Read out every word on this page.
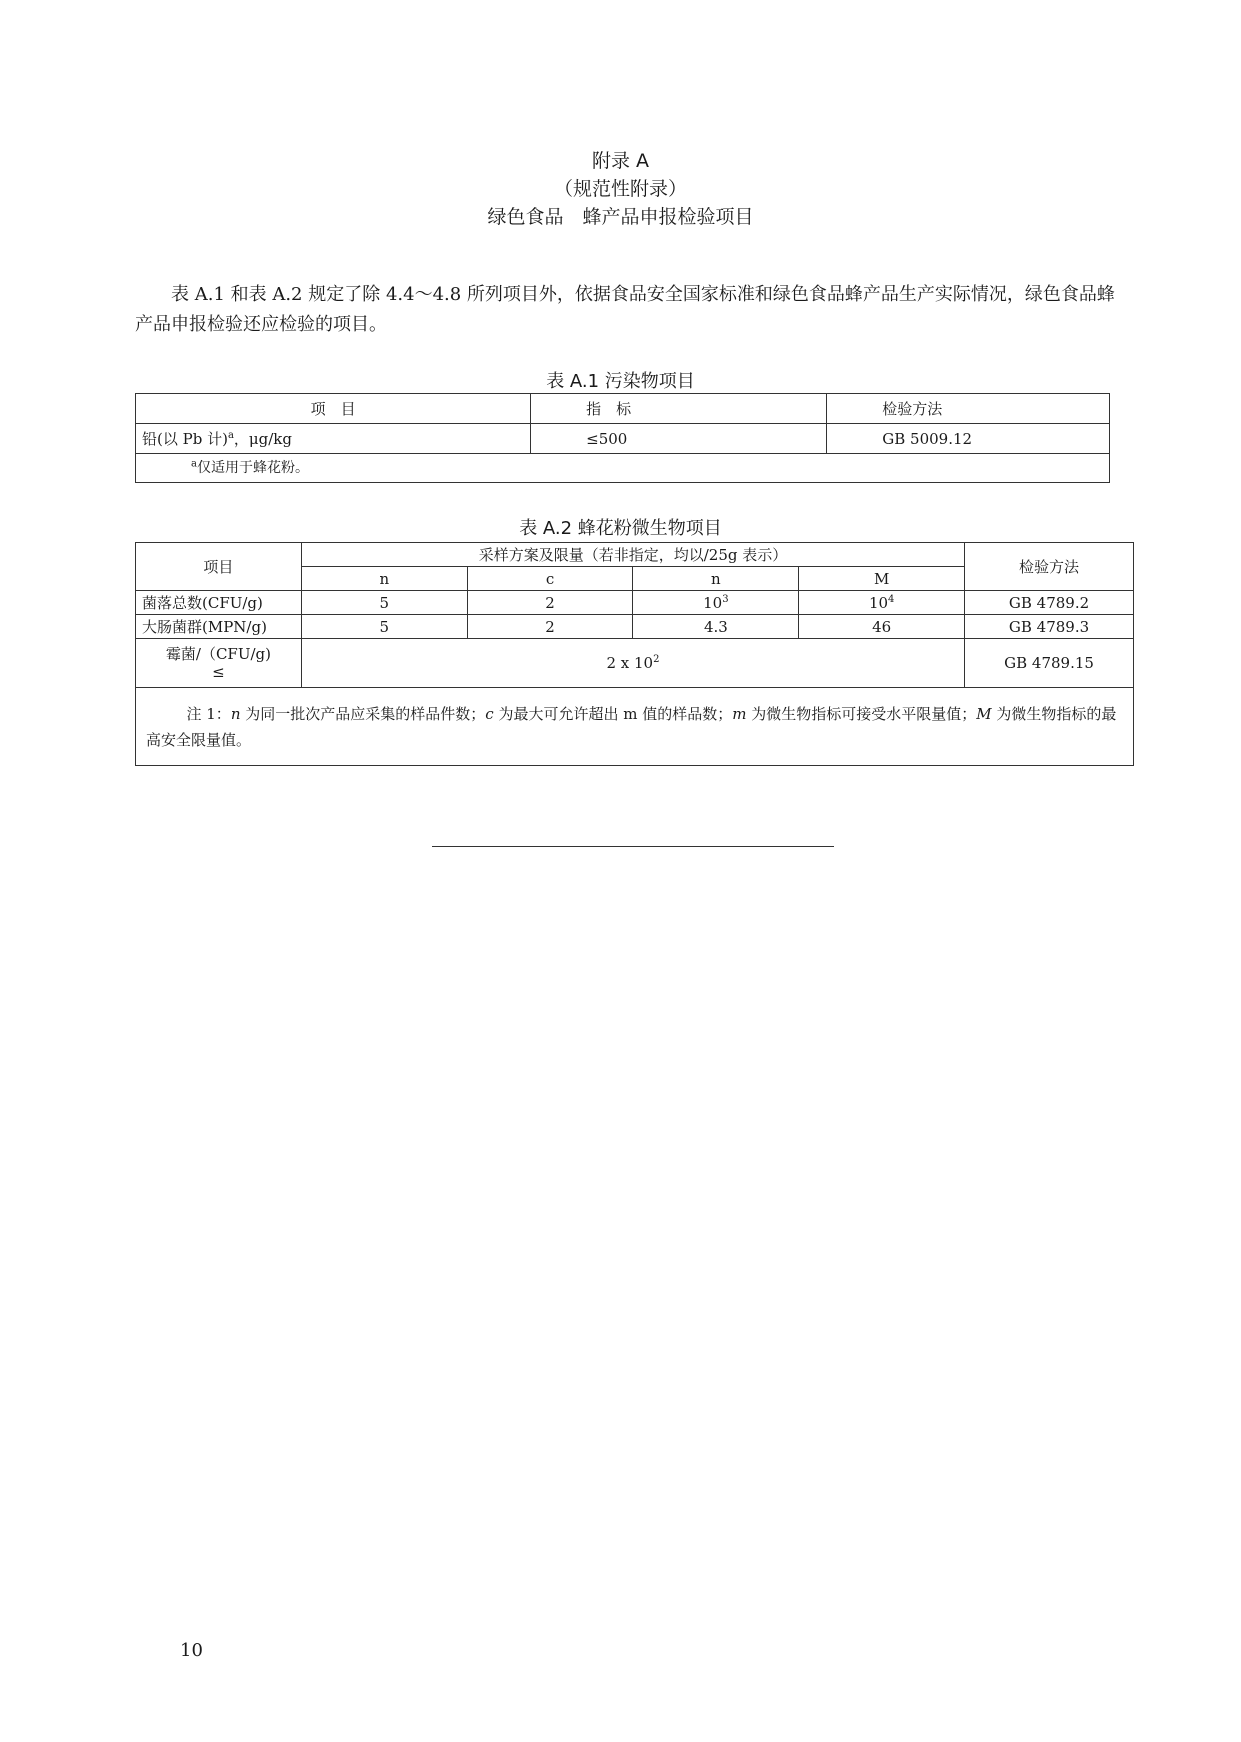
附录 A
（规范性附录）
绿色食品　蜂产品申报检验项目
表 A.1 和表 A.2 规定了除 4.4～4.8 所列项目外，依据食品安全国家标准和绿色食品蜂产品生产实际情况，绿色食品蜂产品申报检验还应检验的项目。
表 A.1 污染物项目
项　目	指　标	检验方法
铅(以 Pb 计)$^a$，μg/kg	≤500	GB 5009.12
$^a$仅适用于蜂花粉。		
表 A.2 蜂花粉微生物项目
项目	采样方案及限量（若非指定，均以/25g 表示）				检验方法
	n	c	n	M	
菌落总数(CFU/g)	5	2	$10^3$	$10^4$	GB 4789.2
大肠菌群(MPN/g)	5	2	4.3	46	GB 4789.3

霉菌/（CFU/g)
≤	2 x $10^2$				GB 4789.15
注 1：n 为同一批次产品应采集的样品件数；c 为最大可允许超出 m 值的样品数；m 为微生物指标可接受水平限量值；M 为微生物指标的最高安全限量值。					
10
